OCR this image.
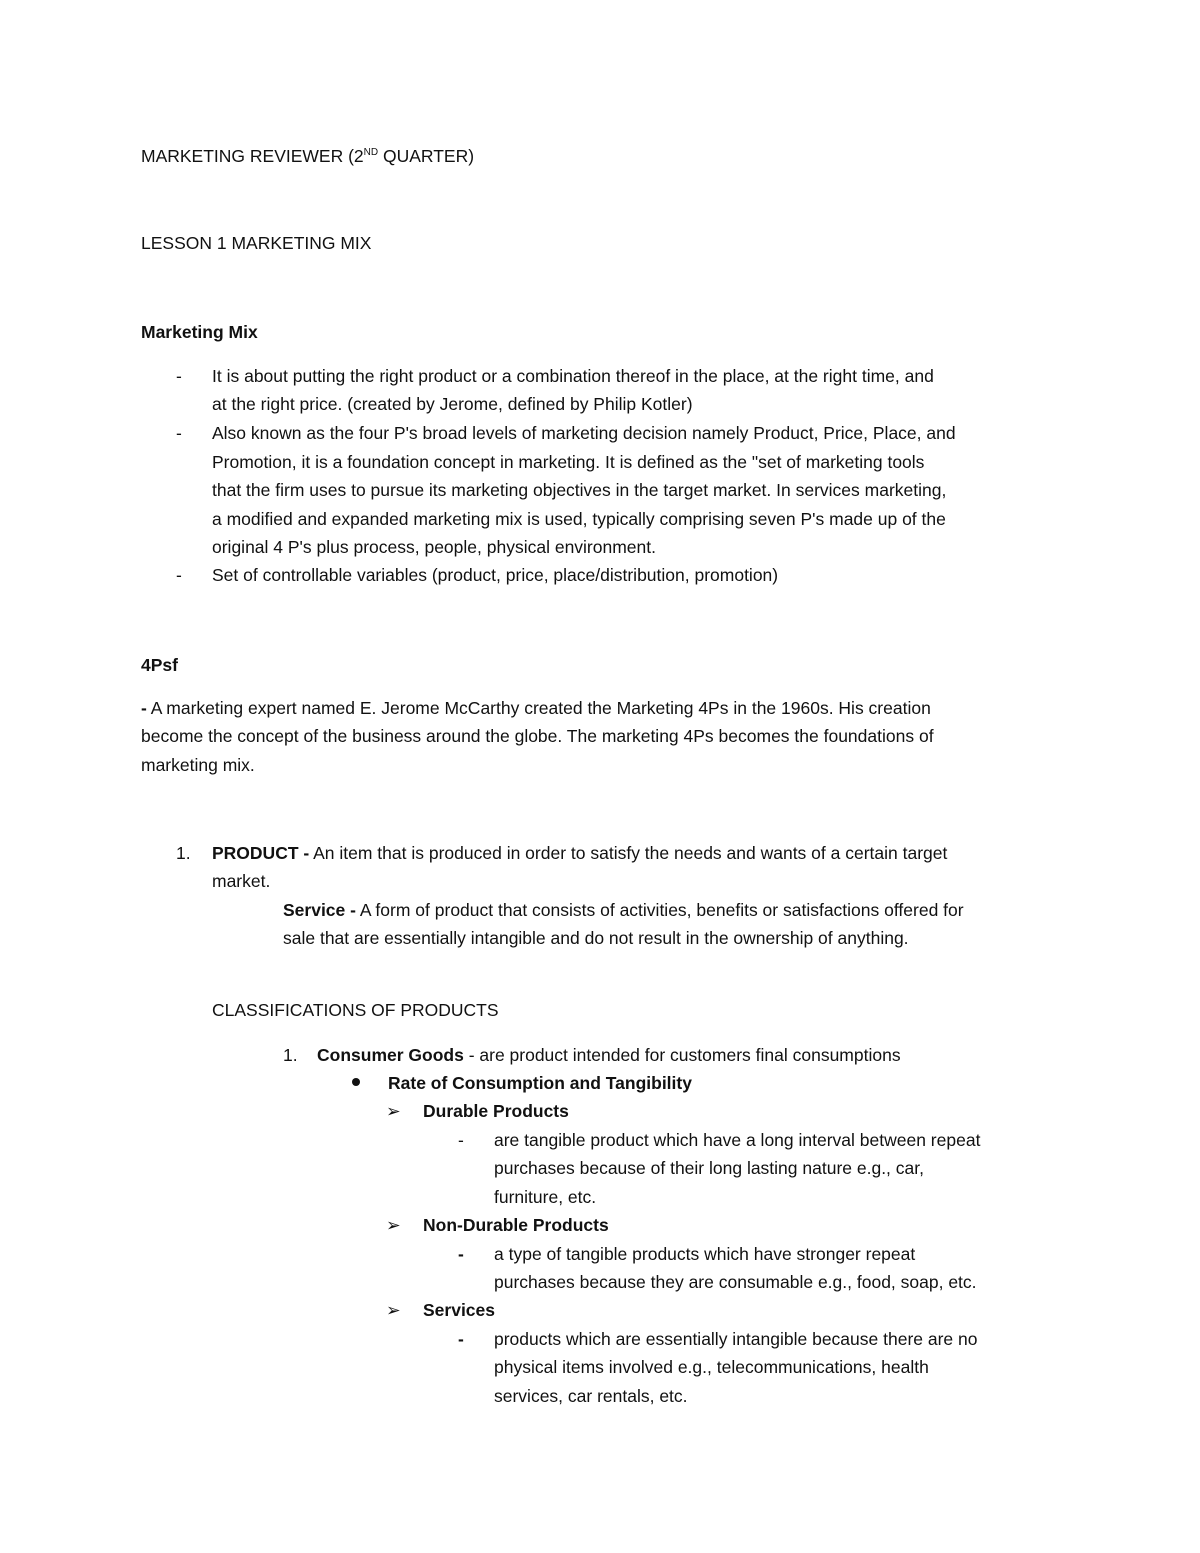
MARKETING REVIEWER (2ND QUARTER)
LESSON 1 MARKETING MIX
Marketing Mix
- It is about putting the right product or a combination thereof in the place, at the right time, and
at the right price. (created by Jerome, defined by Philip Kotler)
- Also known as the four P's broad levels of marketing decision namely Product, Price, Place, and
Promotion, it is a foundation concept in marketing. It is defined as the "set of marketing tools
that the firm uses to pursue its marketing objectives in the target market. In services marketing,
a modified and expanded marketing mix is used, typically comprising seven P's made up of the
original 4 P's plus process, people, physical environment.
- Set of controllable variables (product, price, place/distribution, promotion)
4Psf
- A marketing expert named E. Jerome McCarthy created the Marketing 4Ps in the 1960s. His creation
become the concept of the business around the globe. The marketing 4Ps becomes the foundations of
marketing mix.
1. PRODUCT - An item that is produced in order to satisfy the needs and wants of a certain target
market.
Service - A form of product that consists of activities, benefits or satisfactions offered for
sale that are essentially intangible and do not result in the ownership of anything.
CLASSIFICATIONS OF PRODUCTS
1. Consumer Goods - are product intended for customers final consumptions
Rate of Consumption and Tangibility
➢ Durable Products
- are tangible product which have a long interval between repeat
purchases because of their long lasting nature e.g., car,
furniture, etc.
➢ Non-Durable Products
- a type of tangible products which have stronger repeat
purchases because they are consumable e.g., food, soap, etc.
➢ Services
- products which are essentially intangible because there are no
physical items involved e.g., telecommunications, health
services, car rentals, etc.
